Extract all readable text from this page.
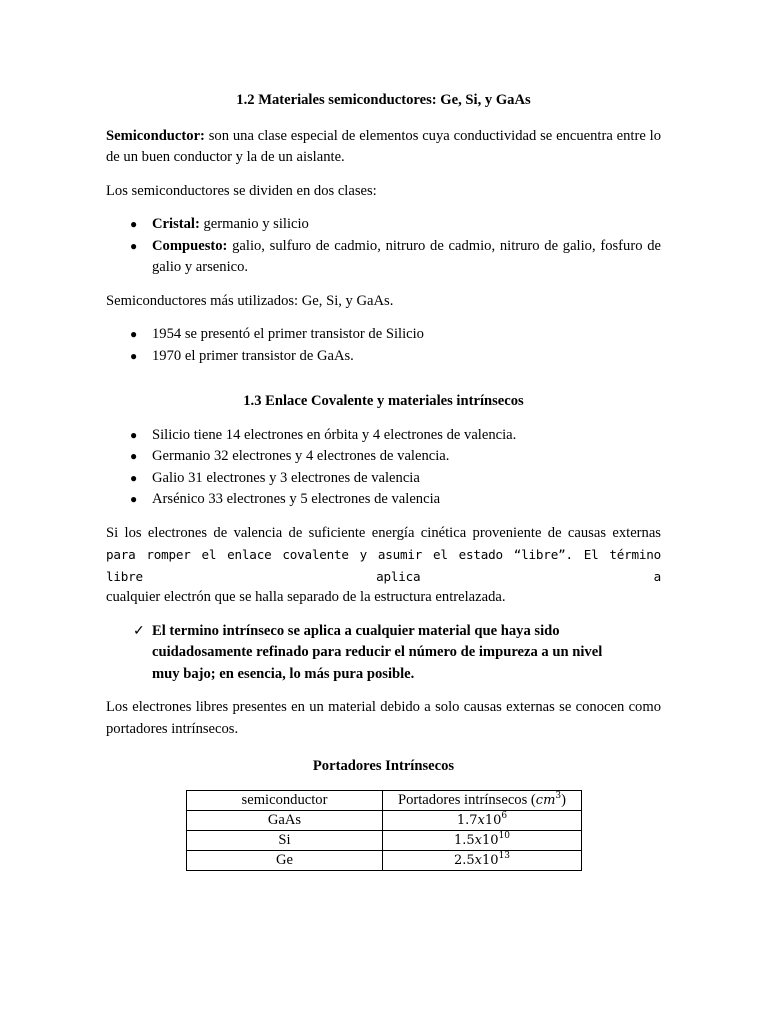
1.2 Materiales semiconductores: Ge, Si, y GaAs

Semiconductor: son una clase especial de elementos cuya conductividad se encuentra entre lo de un buen conductor y la de un aislante.

Los semiconductores se dividen en dos clases:

● Cristal: germanio y silicio
● Compuesto: galio, sulfuro de cadmio, nitruro de cadmio, nitruro de galio, fosfuro de galio y arsenico.

Semiconductores más utilizados: Ge, Si, y GaAs.

● 1954 se presentó el primer transistor de Silicio
● 1970 el primer transistor de GaAs.
1.3 Enlace Covalente y materiales intrínsecos
● Silicio tiene 14 electrones en órbita y 4 electrones de valencia.
● Germanio 32 electrones y 4 electrones de valencia.
● Galio 31 electrones y 3 electrones de valencia
● Arsénico 33 electrones y 5 electrones de valencia

Si los electrones de valencia de suficiente energía cinética proveniente de causas externas

para romper el enlace covalente y asumir el estado “libre”. El término libre aplica a

cualquier electrón que se halla separado de la estructura entrelazada.

✓ El termino intrínseco se aplica a cualquier material que haya sido cuidadosamente refinado para reducir el número de impureza a un nivel muy bajo; en esencia, lo más pura posible.

Los electrones libres presentes en un material debido a solo causas externas se conocen como portadores intrínsecos.

Portadores Intrínsecos
semiconductor	Portadores intrínsecos $(cm^3)$
GaAs	$1.7x10^6$
Si	$1.5x10^{10}$
Ge	$2.5x10^{13}$
